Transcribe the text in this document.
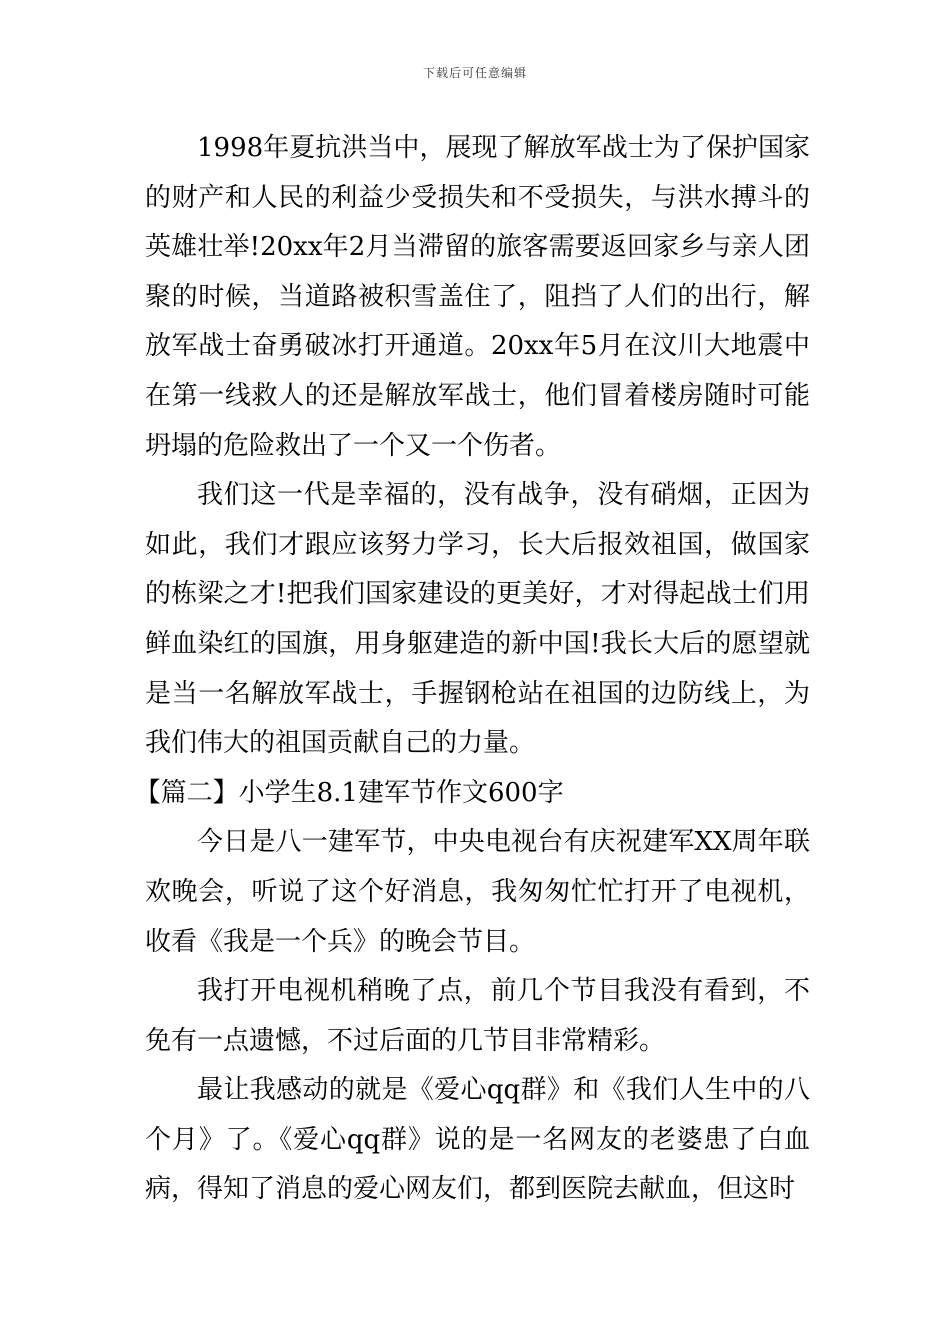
下载后可任意编辑

1998年夏抗洪当中，展现了解放军战士为了保护国家的财产和人民的利益少受损失和不受损失，与洪水搏斗的英雄壮举!20xx年2月当滞留的旅客需要返回家乡与亲人团聚的时候，当道路被积雪盖住了，阻挡了人们的出行，解放军战士奋勇破冰打开通道。20xx年5月在汶川大地震中在第一线救人的还是解放军战士，他们冒着楼房随时可能坍塌的危险救出了一个又一个伤者。

我们这一代是幸福的，没有战争，没有硝烟，正因为如此，我们才跟应该努力学习，长大后报效祖国，做国家的栋梁之才!把我们国家建设的更美好，才对得起战士们用鲜血染红的国旗，用身躯建造的新中国!我长大后的愿望就是当一名解放军战士，手握钢枪站在祖国的边防线上，为我们伟大的祖国贡献自己的力量。

【篇二】小学生8.1建军节作文600字

今日是八一建军节，中央电视台有庆祝建军XX周年联欢晚会，听说了这个好消息，我匆匆忙忙打开了电视机，收看《我是一个兵》的晚会节目。

我打开电视机稍晚了点，前几个节目我没有看到，不免有一点遗憾，不过后面的几节目非常精彩。

最让我感动的就是《爱心qq群》和《我们人生中的八个月》了。《爱心qq群》说的是一名网友的老婆患了白血病，得知了消息的爱心网友们，都到医院去献血，但这时
